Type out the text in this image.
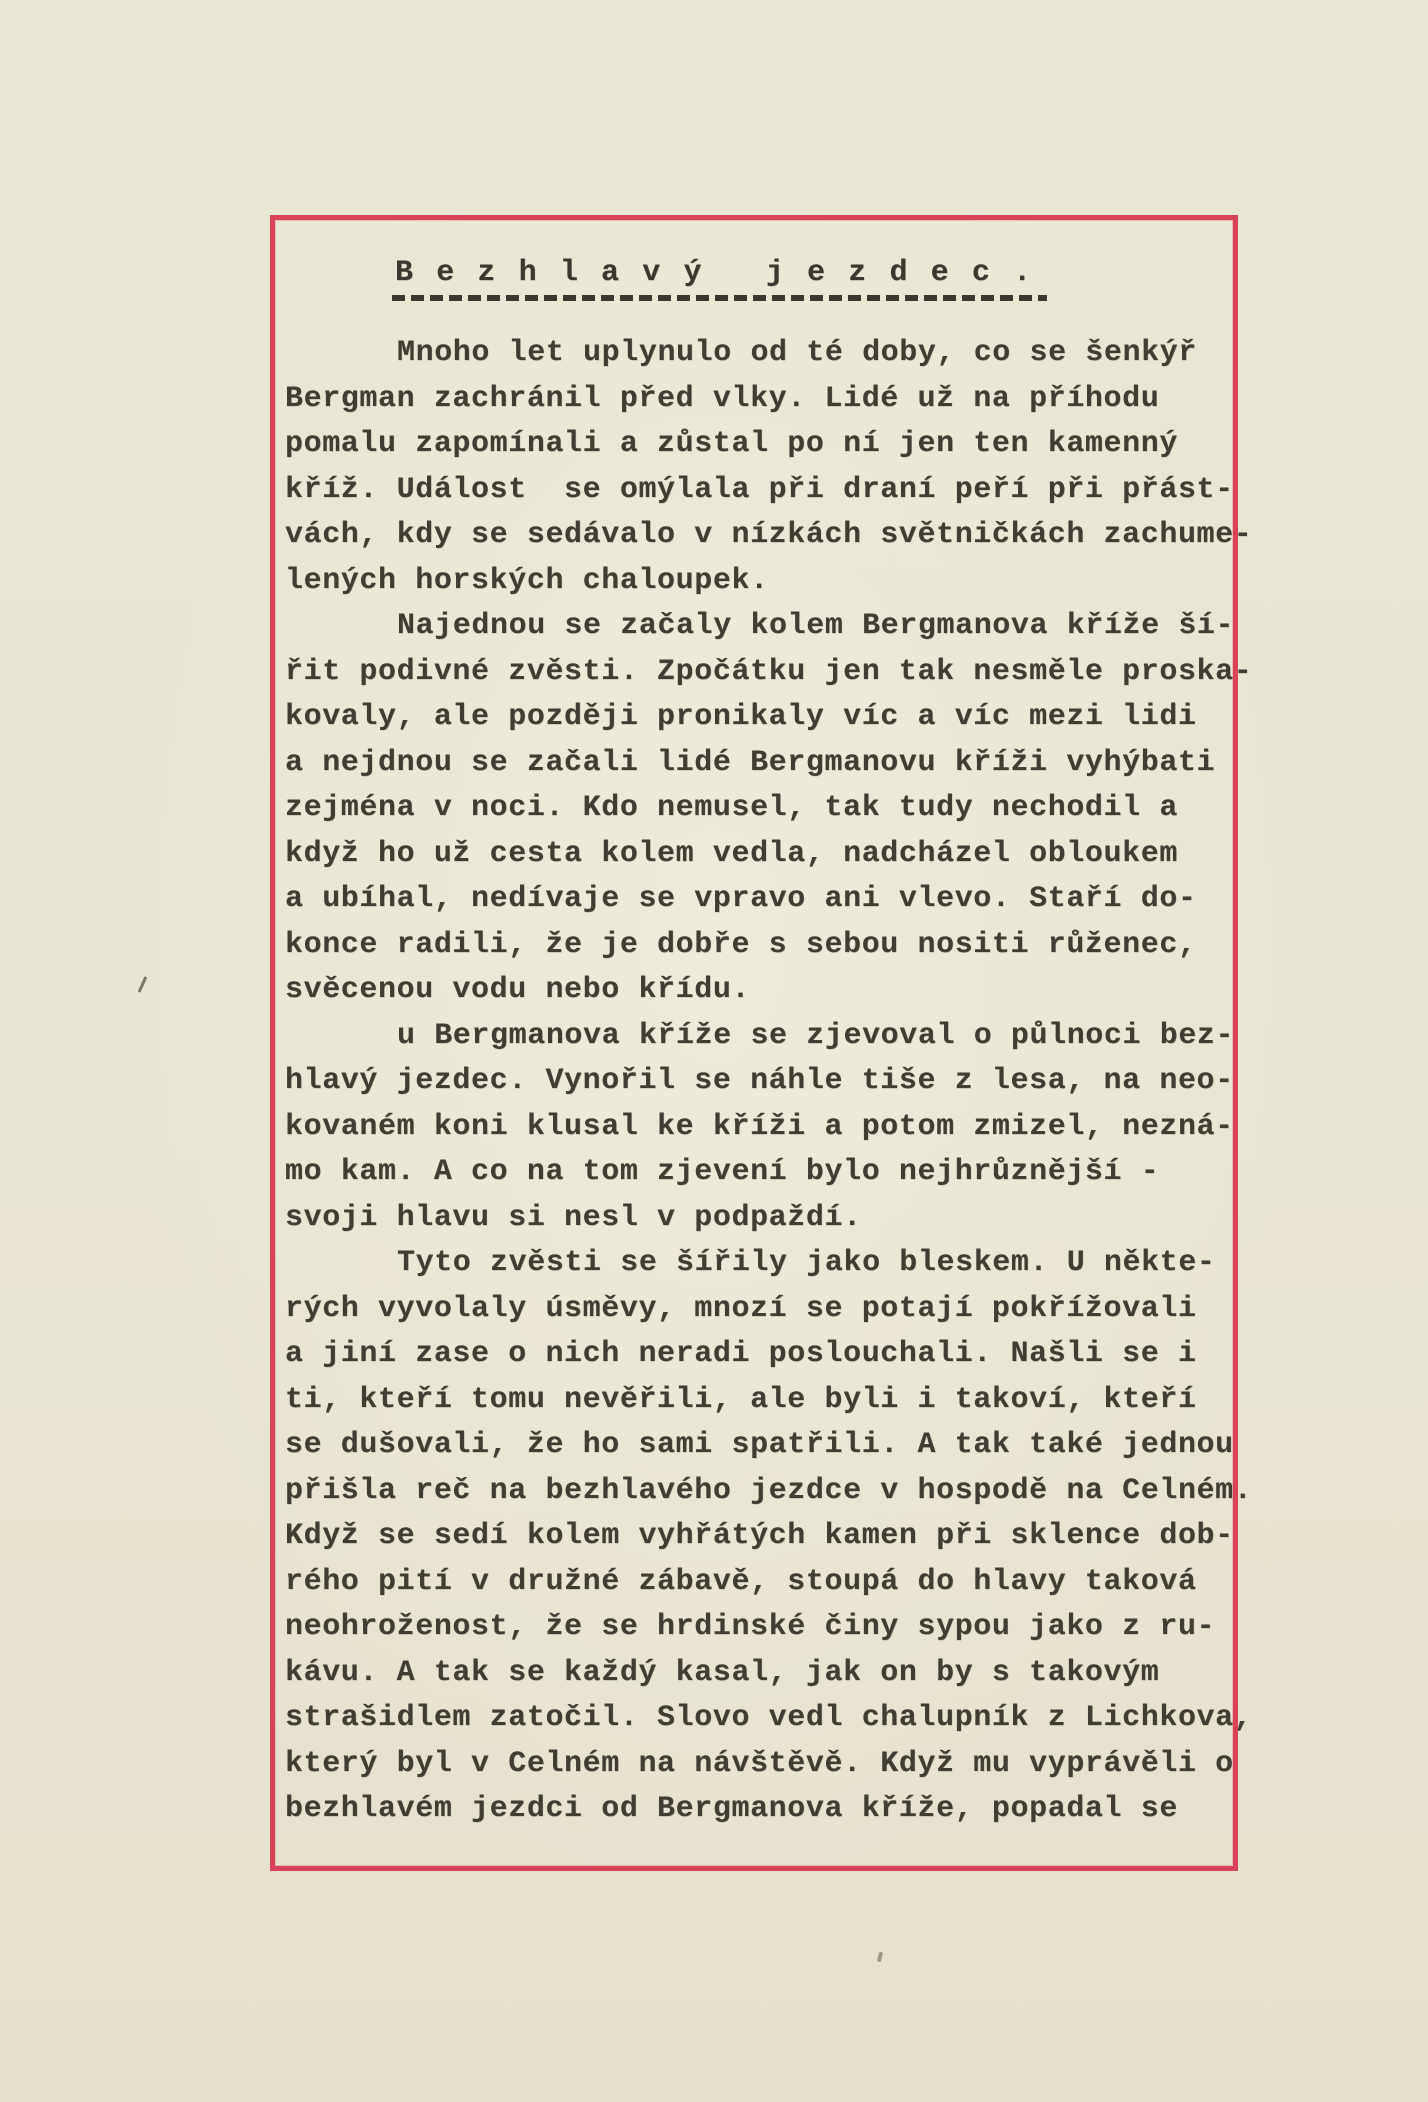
B e z h l a v ý   j e z d e c .
Mnoho let uplynulo od té doby, co se šenkýř
Bergman zachránil před vlky. Lidé už na příhodu
pomalu zapomínali a zůstal po ní jen ten kamenný
kříž. Událost  se omýlala při draní peří při přást-
vách, kdy se sedávalo v nízkách světničkách zachume-
lených horských chaloupek.
Najednou se začaly kolem Bergmanova kříže ší-
řit podivné zvěsti. Zpočátku jen tak nesměle proska-
kovaly, ale později pronikaly víc a víc mezi lidi
a nejdnou se začali lidé Bergmanovu kříži vyhýbati
zejména v noci. Kdo nemusel, tak tudy nechodil a
když ho už cesta kolem vedla, nadcházel obloukem
a ubíhal, nedívaje se vpravo ani vlevo. Staří do-
konce radili, že je dobře s sebou nositi růženec,
svěcenou vodu nebo křídu.
u Bergmanova kříže se zjevoval o půlnoci bez-
hlavý jezdec. Vynořil se náhle tiše z lesa, na neo-
kovaném koni klusal ke kříži a potom zmizel, nezná-
mo kam. A co na tom zjevení bylo nejhrůznější -
svoji hlavu si nesl v podpaždí.
Tyto zvěsti se šířily jako bleskem. U někte-
rých vyvolaly úsměvy, mnozí se potají pokřížovali
a jiní zase o nich neradi poslouchali. Našli se i
ti, kteří tomu nevěřili, ale byli i takoví, kteří
se dušovali, že ho sami spatřili. A tak také jednou
přišla reč na bezhlavého jezdce v hospodě na Celném.
Když se sedí kolem vyhřátých kamen při sklence dob-
rého pití v družné zábavě, stoupá do hlavy taková
neohroženost, že se hrdinské činy sypou jako z ru-
kávu. A tak se každý kasal, jak on by s takovým
strašidlem zatočil. Slovo vedl chalupník z Lichkova,
který byl v Celném na návštěvě. Když mu vyprávěli o
bezhlavém jezdci od Bergmanova kříže, popadal se
